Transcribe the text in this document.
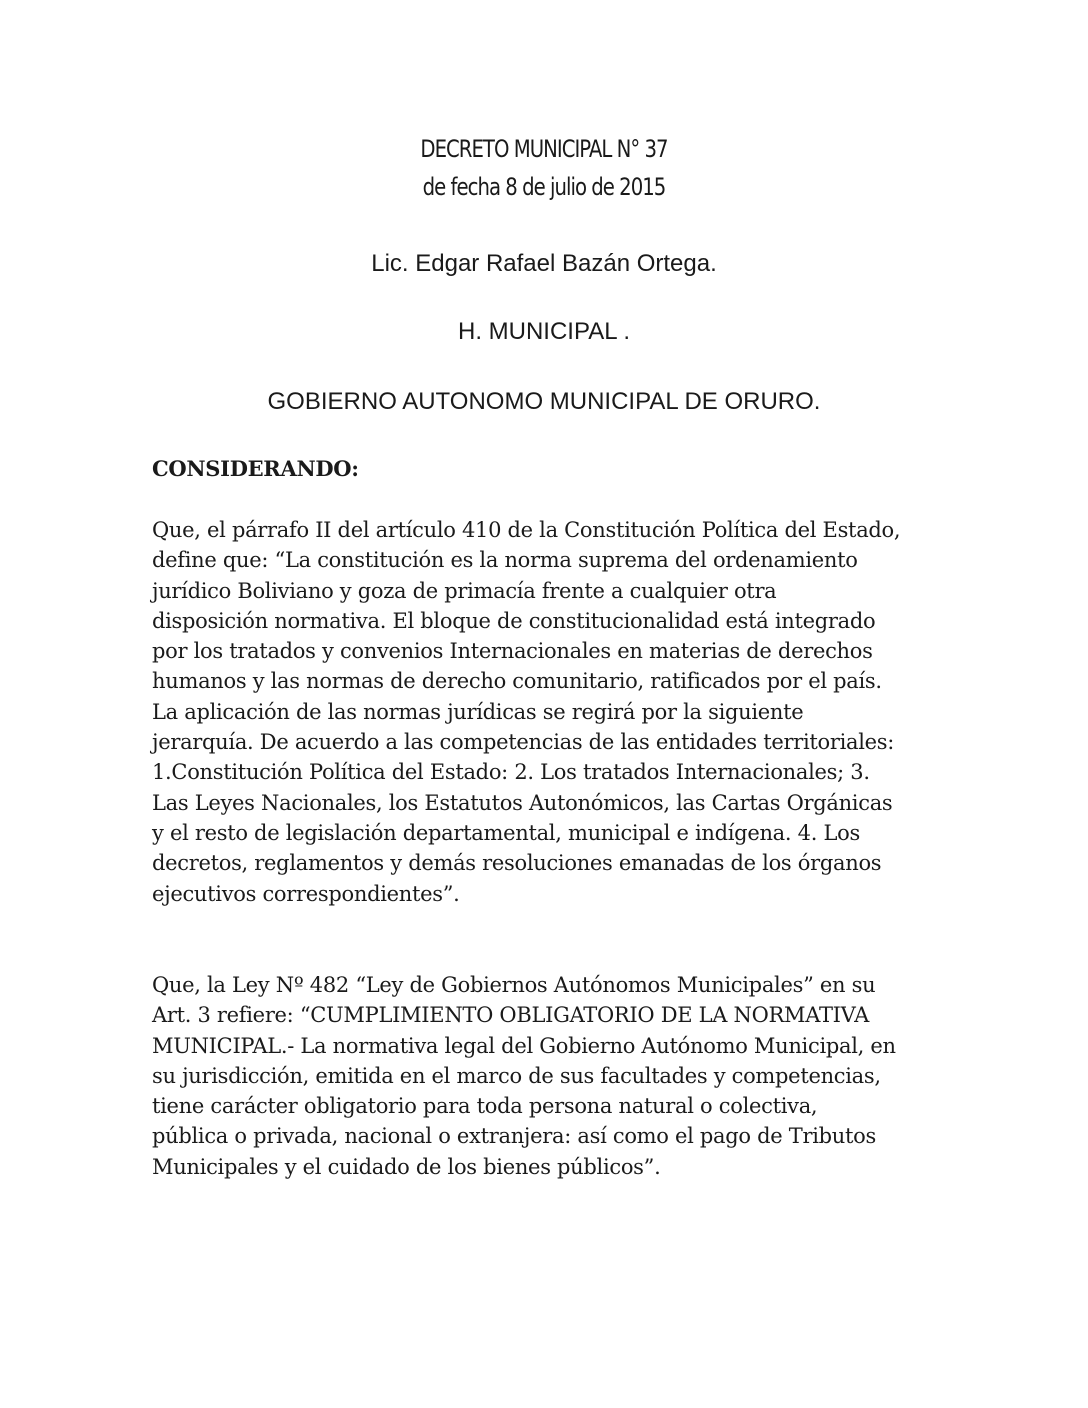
DECRETO MUNICIPAL N° 37
de fecha 8 de julio de 2015
Lic. Edgar Rafael Bazán Ortega.
H. MUNICIPAL .
GOBIERNO AUTONOMO MUNICIPAL DE ORURO.
CONSIDERANDO:
Que, el párrafo II del artículo 410 de la Constitución Política del Estado,
define que: “La constitución es la norma suprema del ordenamiento
jurídico Boliviano y goza de primacía frente a cualquier otra
disposición normativa. El bloque de constitucionalidad está integrado
por los tratados y convenios Internacionales en materias de derechos
humanos y las normas de derecho comunitario, ratificados por el país.
La aplicación de las normas jurídicas se regirá por la siguiente
jerarquía. De acuerdo a las competencias de las entidades territoriales:
1.Constitución Política del Estado: 2. Los tratados Internacionales; 3.
Las Leyes Nacionales, los Estatutos Autonómicos, las Cartas Orgánicas
y el resto de legislación departamental, municipal e indígena. 4. Los
decretos, reglamentos y demás resoluciones emanadas de los órganos
ejecutivos correspondientes”.
Que, la Ley Nº 482 “Ley de Gobiernos Autónomos Municipales” en su
Art. 3 refiere: “CUMPLIMIENTO OBLIGATORIO DE LA NORMATIVA
MUNICIPAL.- La normativa legal del Gobierno Autónomo Municipal, en
su jurisdicción, emitida en el marco de sus facultades y competencias,
tiene carácter obligatorio para toda persona natural o colectiva,
pública o privada, nacional o extranjera: así como el pago de Tributos
Municipales y el cuidado de los bienes públicos”.
